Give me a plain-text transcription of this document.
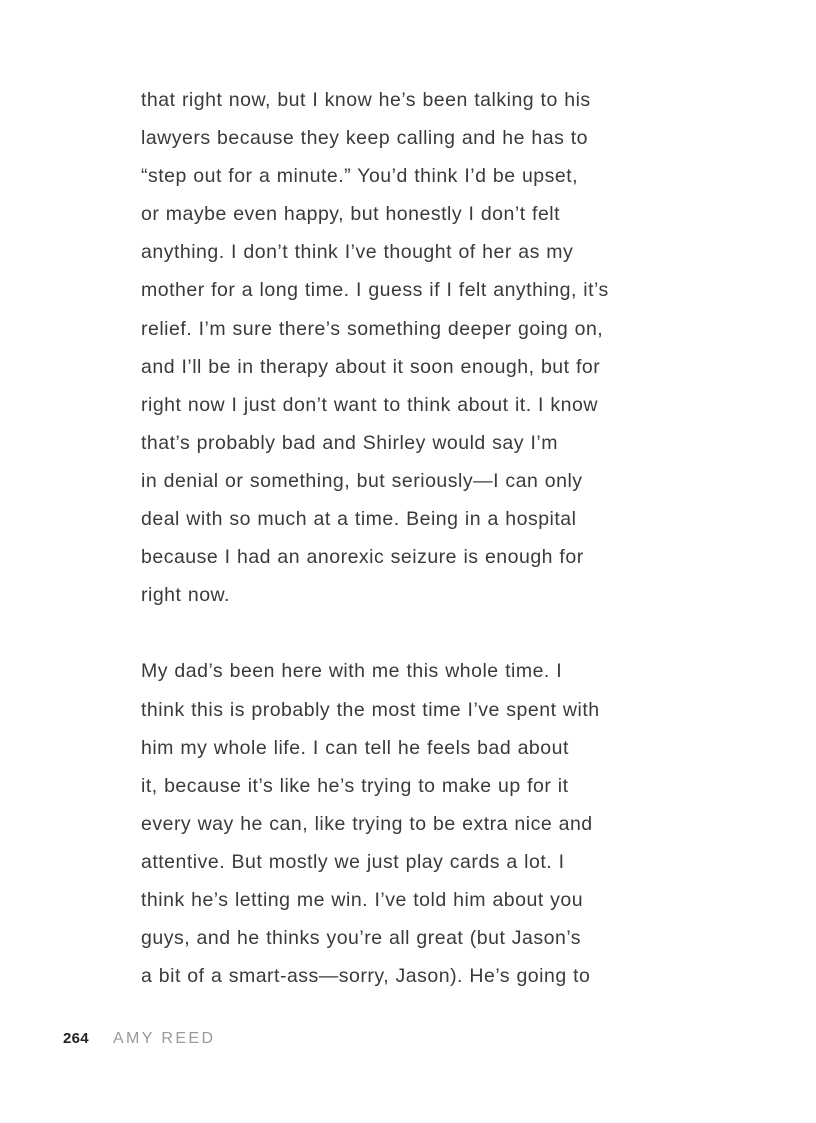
that right now, but I know he’s been talking to his
lawyers because they keep calling and he has to
“step out for a minute.” You’d think I’d be upset,
or maybe even happy, but honestly I don’t felt
anything. I don’t think I’ve thought of her as my
mother for a long time. I guess if I felt anything, it’s
relief. I’m sure there’s something deeper going on,
and I’ll be in therapy about it soon enough, but for
right now I just don’t want to think about it. I know
that’s probably bad and Shirley would say I’m
in denial or something, but seriously—I can only
deal with so much at a time. Being in a hospital
because I had an anorexic seizure is enough for
right now.
My dad’s been here with me this whole time. I
think this is probably the most time I’ve spent with
him my whole life. I can tell he feels bad about
it, because it’s like he’s trying to make up for it
every way he can, like trying to be extra nice and
attentive. But mostly we just play cards a lot. I
think he’s letting me win. I’ve told him about you
guys, and he thinks you’re all great (but Jason’s
a bit of a smart-ass—sorry, Jason). He’s going to
264 AMY REED
